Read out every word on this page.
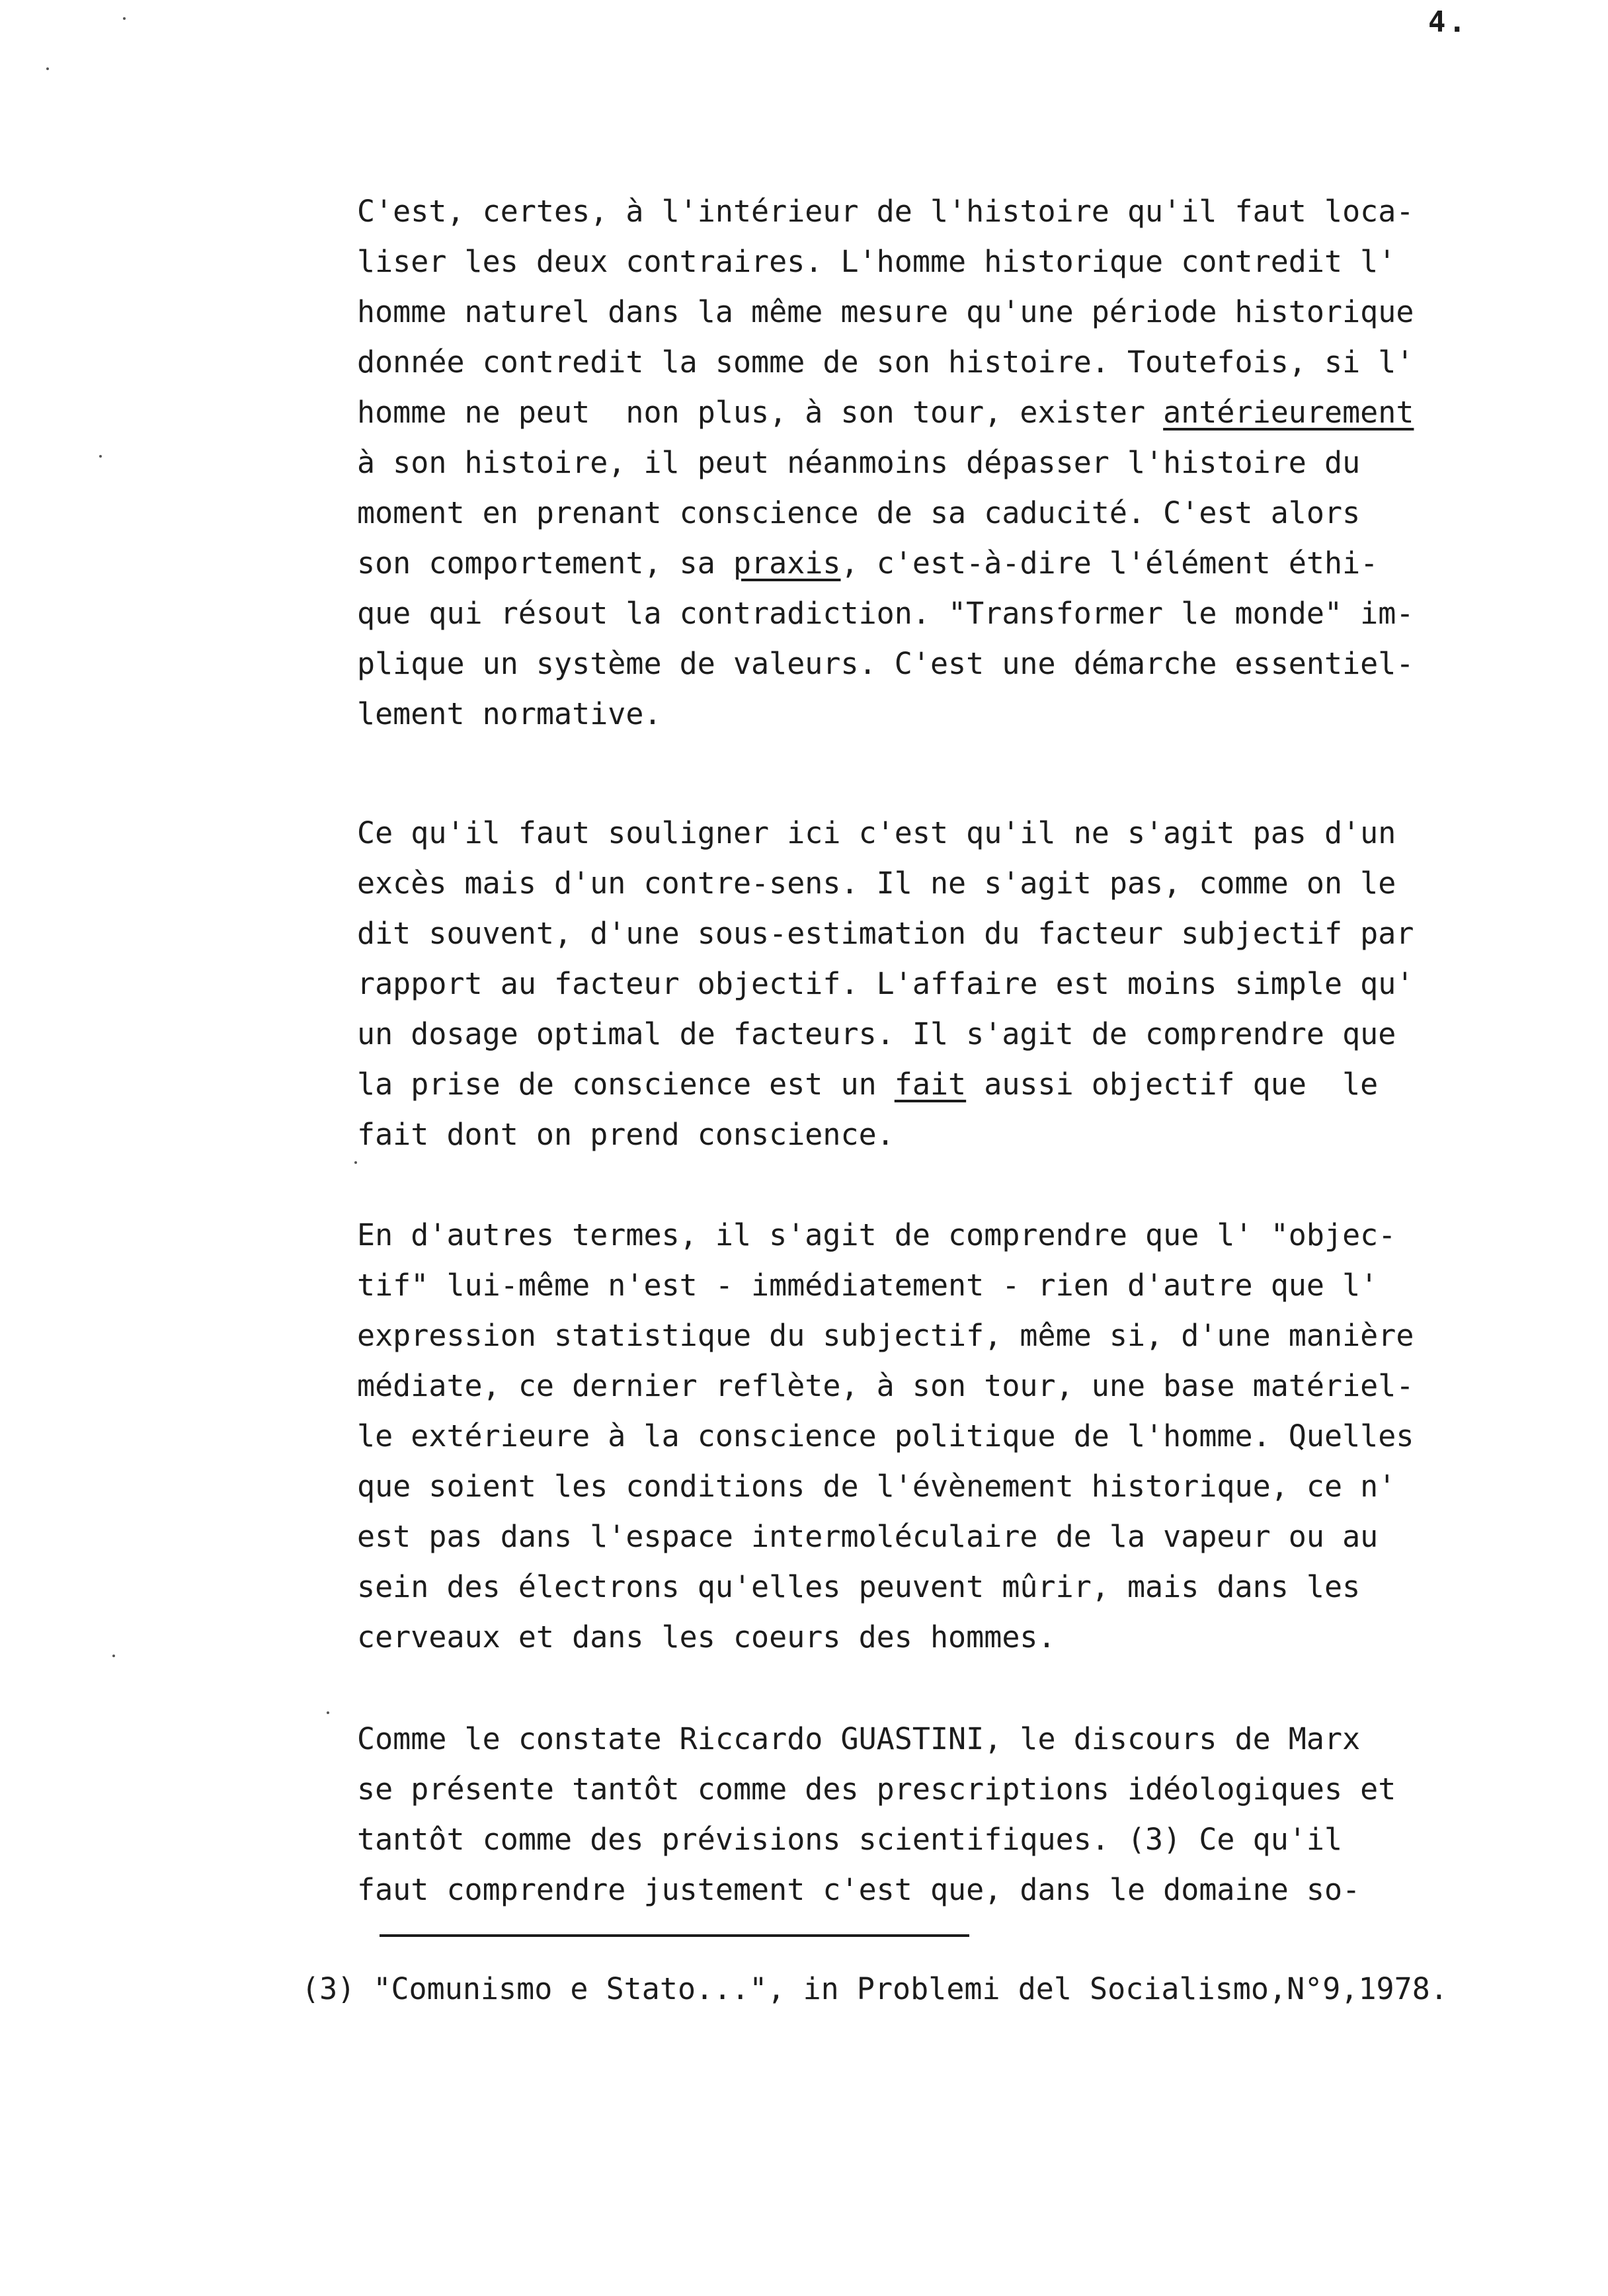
4.
C'est, certes, à l'intérieur de l'histoire qu'il faut loca-
liser les deux contraires. L'homme historique contredit l'
homme naturel dans la même mesure qu'une période historique
donnée contredit la somme de son histoire. Toutefois, si l'
homme ne peut  non plus, à son tour, exister antérieurement
à son histoire, il peut néanmoins dépasser l'histoire du
moment en prenant conscience de sa caducité. C'est alors
son comportement, sa praxis, c'est-à-dire l'élément éthi-
que qui résout la contradiction. "Transformer le monde" im-
plique un système de valeurs. C'est une démarche essentiel-
lement normative.
Ce qu'il faut souligner ici c'est qu'il ne s'agit pas d'un
excès mais d'un contre-sens. Il ne s'agit pas, comme on le
dit souvent, d'une sous-estimation du facteur subjectif par
rapport au facteur objectif. L'affaire est moins simple qu'
un dosage optimal de facteurs. Il s'agit de comprendre que
la prise de conscience est un fait aussi objectif que  le
fait dont on prend conscience.
En d'autres termes, il s'agit de comprendre que l' "objec-
tif" lui-même n'est - immédiatement - rien d'autre que l'
expression statistique du subjectif, même si, d'une manière
médiate, ce dernier reflète, à son tour, une base matériel-
le extérieure à la conscience politique de l'homme. Quelles
que soient les conditions de l'évènement historique, ce n'
est pas dans l'espace intermoléculaire de la vapeur ou au
sein des électrons qu'elles peuvent mûrir, mais dans les
cerveaux et dans les coeurs des hommes.
Comme le constate Riccardo GUASTINI, le discours de Marx
se présente tantôt comme des prescriptions idéologiques et
tantôt comme des prévisions scientifiques. (3) Ce qu'il
faut comprendre justement c'est que, dans le domaine so-
(3) "Comunismo e Stato...", in Problemi del Socialismo,N°9,1978.
